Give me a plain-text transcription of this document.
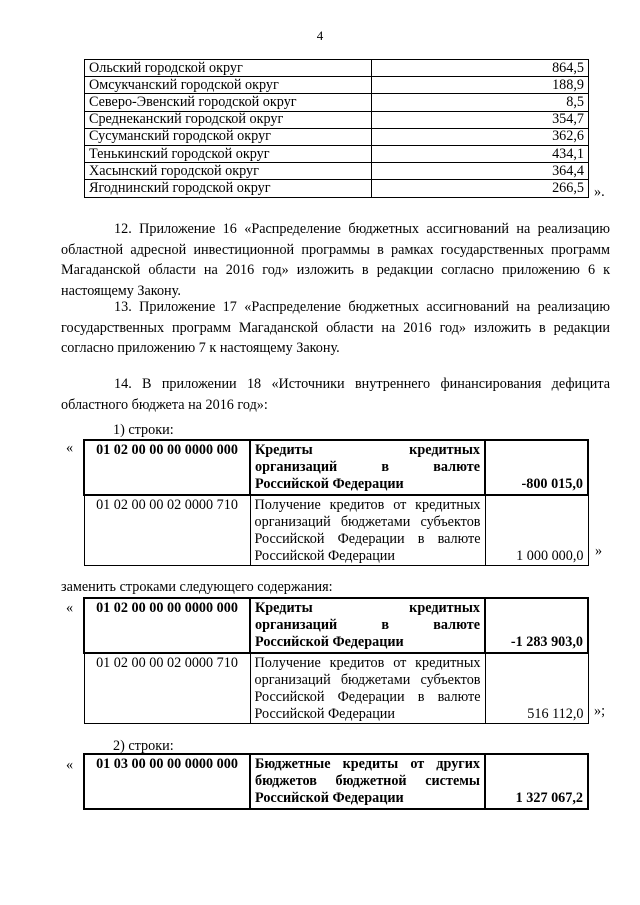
4
Ольский городской округ	864,5
Омсукчанский городской округ	188,9
Северо-Эвенский городской округ	8,5
Среднеканский городской округ	354,7
Сусуманский городской округ	362,6
Тенькинский городской округ	434,1
Хасынский городской округ	364,4
Ягоднинский городской округ	266,5 ».

12. Приложение 16 «Распределение бюджетных ассигнований на реализацию областной адресной инвестиционной программы в рамках государственных программ Магаданской области на 2016 год» изложить в редакции согласно приложению 6 к настоящему Закону.

13. Приложение 17 «Распределение бюджетных ассигнований на реализацию государственных программ Магаданской области на 2016 год» изложить в редакции согласно приложению 7 к настоящему Закону.

14. В приложении 18 «Источники внутреннего финансирования дефицита областного бюджета на 2016 год»:

1) строки:
« 01 02 00 00 00 0000 000	Кредиты кредитных
организаций в валюте
Российской Федерации	-800 015,0
01 02 00 00 02 0000 710	Получение кредитов от кредитных
организаций бюджетами субъектов
Российской Федерации в валюте
Российской Федерации	1 000 000,0 »
заменить строками следующего содержания:
« 01 02 00 00 00 0000 000	Кредиты кредитных
организаций в валюте
Российской Федерации	-1 283 903,0
01 02 00 00 02 0000 710	Получение кредитов от кредитных
организаций бюджетами субъектов
Российской Федерации в валюте
Российской Федерации	516 112,0 »;
2) строки:
« 01 03 00 00 00 0000 000	Бюджетные кредиты от других
бюджетов бюджетной системы
Российской Федерации	1 327 067,2
